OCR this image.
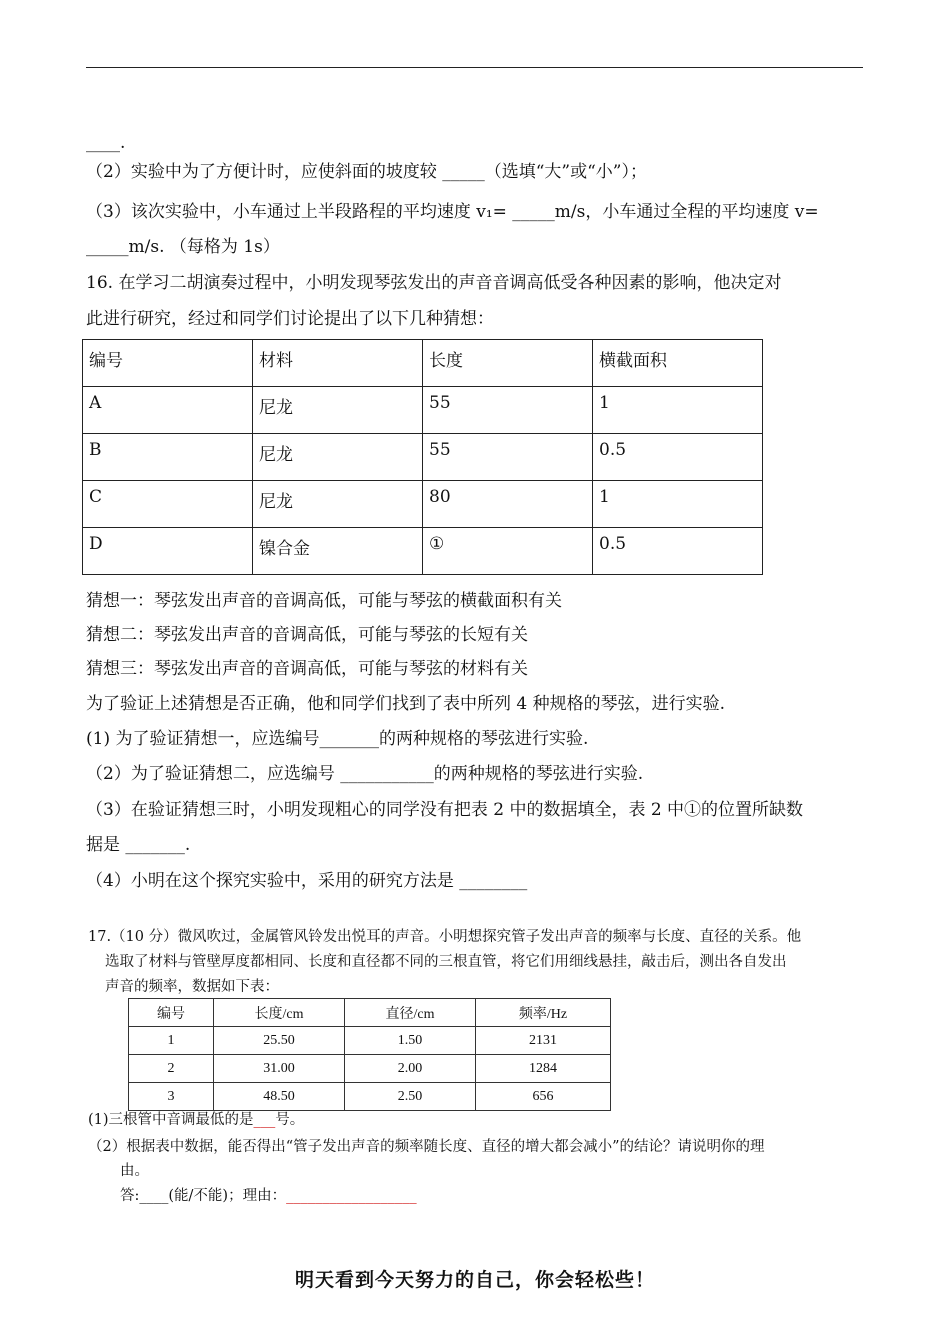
____.
（2）实验中为了方便计时，应使斜面的坡度较 _____（选填“大”或“小”）；
（3）该次实验中，小车通过上半段路程的平均速度 v₁= _____m/s，小车通过全程的平均速度 v=
_____m/s. （每格为 1s）
16. 在学习二胡演奏过程中，小明发现琴弦发出的声音音调高低受各种因素的影响，他决定对
此进行研究，经过和同学们讨论提出了以下几种猜想：
编号	材料	长度	横截面积
A	尼龙	55	1
B	尼龙	55	0.5
C	尼龙	80	1
D	镍合金	①	0.5
猜想一：琴弦发出声音的音调高低，可能与琴弦的横截面积有关
猜想二：琴弦发出声音的音调高低，可能与琴弦的长短有关
猜想三：琴弦发出声音的音调高低，可能与琴弦的材料有关
为了验证上述猜想是否正确，他和同学们找到了表中所列 4 种规格的琴弦，进行实验.
(1) 为了验证猜想一，应选编号_______的两种规格的琴弦进行实验.
（2）为了验证猜想二，应选编号 ___________的两种规格的琴弦进行实验.
（3）在验证猜想三时，小明发现粗心的同学没有把表 2 中的数据填全，表 2 中①的位置所缺数
据是 _______.
（4）小明在这个探究实验中，采用的研究方法是 ________
17.（10 分）微风吹过，金属管风铃发出悦耳的声音。小明想探究管子发出声音的频率与长度、直径的关系。他
选取了材料与管壁厚度都相同、长度和直径都不同的三根直管，将它们用细线悬挂，敲击后，测出各自发出
声音的频率，数据如下表：
编号	长度/cm	直径/cm	频率/Hz
1	25.50	1.50	2131
2	31.00	2.00	1284
3	48.50	2.50	656
(1)三根管中音调最低的是___号。
（2）根据表中数据，能否得出“管子发出声音的频率随长度、直径的增大都会减小”的结论？请说明你的理
由。
答:____(能/不能)；理由：__________________
明天看到今天努力的自己，你会轻松些！
